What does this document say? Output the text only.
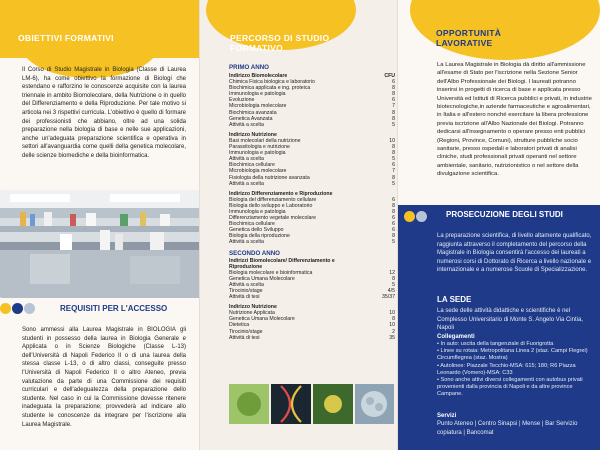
OBIETTIVI FORMATIVI
Il Corso di Studio Magistrale in Biologia (Classe di Laurea LM-6), ha come obiettivo la formazione di Biologi che estendano e rafforzino le conoscenze acquisite con la laurea triennale in ambito Biomolecolare, della Nutrizione o in quello del Differenziamento e della Riproduzione. Per tale motivo si articola nei 3 rispettivi curricula. L'obiettivo è quello di formare dei professionisti che abbiano, oltre ad una solida preparazione nella biologia di base e nelle sue applicazioni, anche un'adeguata preparazione scientifica e operativa in settori all'avanguardia come quelli della genetica molecolare, delle scienze biomediche e della bioinformatica.
REQUISITI PER L'ACCESSO
Sono ammessi alla Laurea Magistrale in BIOLOGIA gli studenti in possesso della laurea in Biologia Generale e Applicata o in Scienze Biologiche (Classe L-13) dell'Università di Napoli Federico II o di una laurea della stessa classe L-13, o di altro classi, conseguite presso l'Università di Napoli Federico II o altro Ateneo, previa valutazione da parte di una Commissione dei requisiti curriculari e dell'adeguatezza della preparazione dello studente. Nel caso in cui la Commissione dovesse ritenere inadeguata la preparazione; provvederà ad indicare allo studente le conoscenze da integrare per l'iscrizione alla Laurea Magistrale.
PERCORSO DI STUDIO FORMATIVO
PRIMO ANNO
Indirizzo Biomolecolare	CFU
Chimica Fisica biologica e laboratorio	6
Biochimica applicata e ing. proteica	8
Immunologia e patologia	8
Evoluzione	6
Microbiologia molecolare	7
Biochimica avanzata	8
Genetica Avanzata	8
Attività a scelta	5
Indirizzo Nutrizione	
Basi molecolari della nutrizione	10
Parassitologia e nutrizione	8
Immunologia e patologia	8
Attività a scelta	5
Biochimica cellulare	6
Microbiologia molecolare	7
Fisiologia della nutrizione avanzata	8
Attività a scelta	5
Indirizzo Differenziamento e Riproduzione	
Biologia del differenziamento cellulare	6
Biologia dello sviluppo e Laboratorio	8
Immunologia e patologia	8
Differenziamento vegetale molecolare	6
Biochimica cellulare	6
Genetica dello Sviluppo	6
Biologia della riproduzione	8
Attività a scelta	5
SECONDO ANNO
Indirizzi Biomolecolare/ Differenziamento e Riproduzione	
Biologia molecolare e bioinformatica	12
Genetica Umana Molecolare	8
Attività a scelta	5
Tirocinio/stage	4/5
Attività di tesi	35/37
Indirizzo Nutrizione	
Nutrizione Applicata	10
Genetica Umana Molecolare	8
Dietetica	10
Tirocinio/stage	2
Attività di tesi	35
OPPORTUNITÀ LAVORATIVE
La Laurea Magistrale in Biologia dà diritto all'ammissione all'esame di Stato per l'iscrizione nella Sezione Senior dell'Albo Professionale dei Biologi. I laureati potranno inserirsi in progetti di ricerca di base e applicata presso Università ed Istituti di Ricerca pubblici e privati, in industrie biotecnologiche,in aziende farmaceutiche e agroalimentari, in Italia e all'estero nonché esercitare la libera professione previa iscrizione all'Albo Nazionale dei Biologi. Potranno dedicarsi all'insegnamento o operare presso enti pubblici (Regioni, Province, Comuni), strutture pubbliche socio sanitarie, presso ospedali e laboratori privati di analisi cliniche, studi professionali privati operanti nel settore ambientale, sanitario, nutrizionistico o nel settore della divulgazione scientifica.
PROSECUZIONE DEGLI STUDI
La preparazione scientifica, di livello altamente qualificato, raggiunta attraverso il completamento del percorso della Magistrale in Biologia consentirà l'accesso dei laureati a numerosi corsi di Dottorato di Ricerca a livello nazionale e internazionale e a numerose Scuole di Specializzazione.
LA SEDE
La sede delle attività didattiche e scientifiche è nel Complesso Universitario di Monte S. Angelo Via Cintia, Napoli
Collegamenti
• In auto: uscita della tangenziale di Fuorigrotta
• Linee su rotaia: Metropolitana Linea 2 (staz. Campi Flegrei) Circumflegrea (staz. Mostra)
• Autolinee: Piazzale Tecchio-MSA: 615; 180; R6 Piazza Leonardo (Vomero)-MSA: C33
• Sono anche attivi diversi collegamenti con autobus privati provenienti dalla provincia di Napoli e da altre province Campane.
Servizi
Punto Ateneo | Centro Sinapsi | Mense | Bar Servizio copiatura | Bancomat
